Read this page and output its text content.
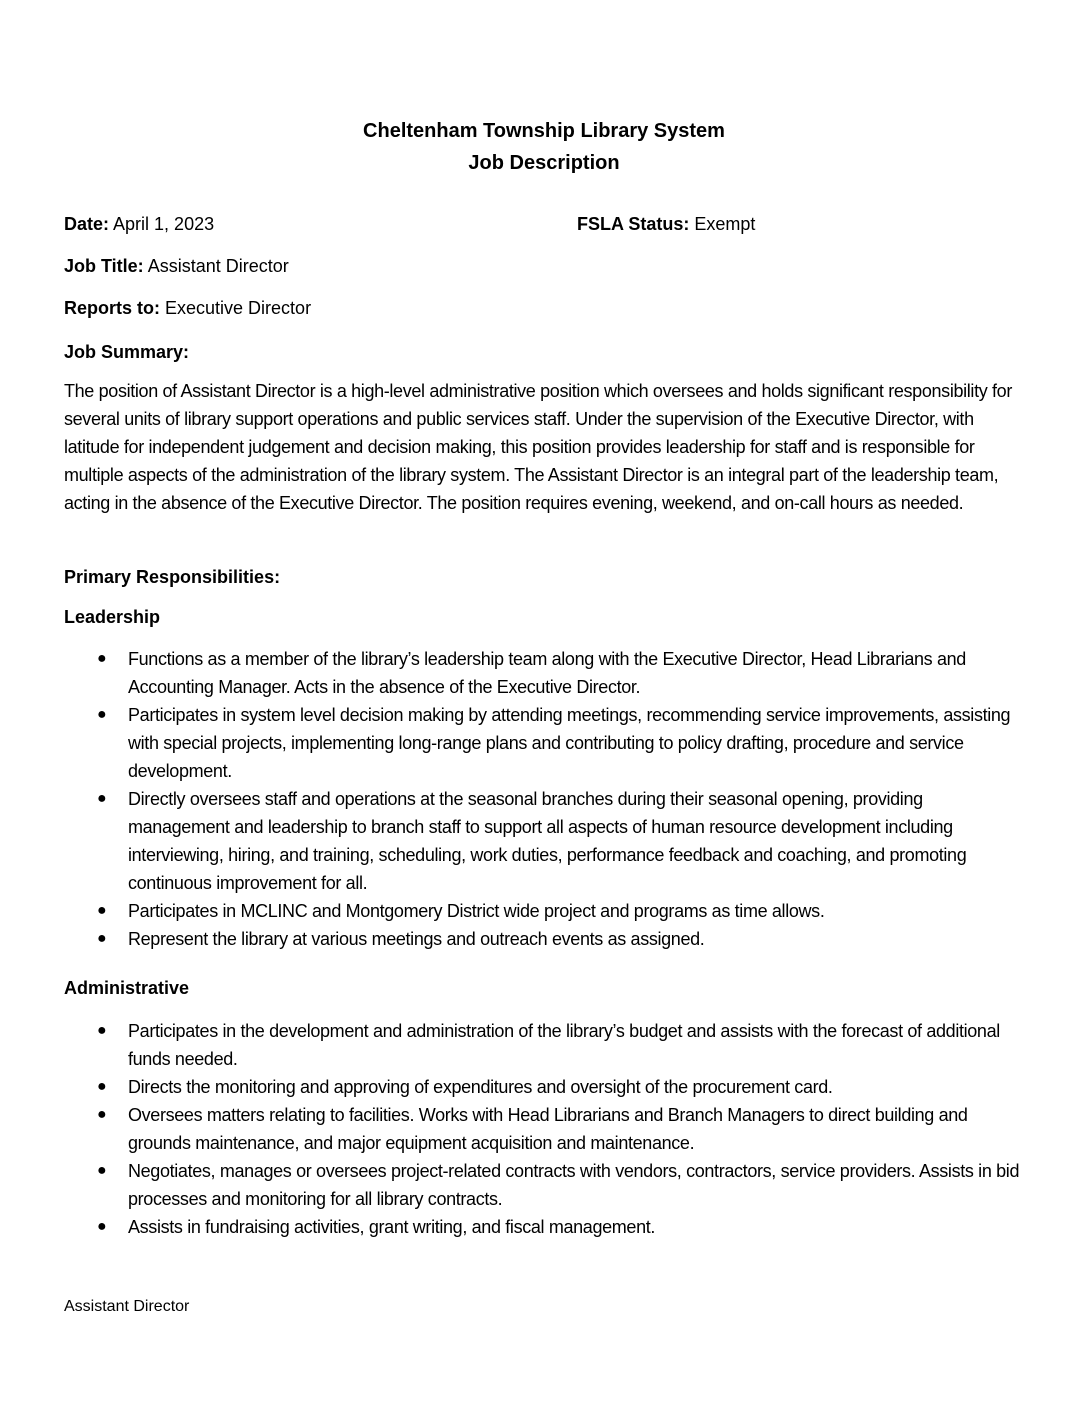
Cheltenham Township Library System
Job Description
Date: April 1, 2023	FSLA Status: Exempt
Job Title: Assistant Director
Reports to: Executive Director
Job Summary:
The position of Assistant Director is a high-level administrative position which oversees and holds significant responsibility for several units of library support operations and public services staff. Under the supervision of the Executive Director, with latitude for independent judgement and decision making, this position provides leadership for staff and is responsible for multiple aspects of the administration of the library system. The Assistant Director is an integral part of the leadership team, acting in the absence of the Executive Director. The position requires evening, weekend, and on-call hours as needed.
Primary Responsibilities:
Leadership
● Functions as a member of the library’s leadership team along with the Executive Director, Head Librarians and Accounting Manager. Acts in the absence of the Executive Director.
● Participates in system level decision making by attending meetings, recommending service improvements, assisting with special projects, implementing long-range plans and contributing to policy drafting, procedure and service development.
● Directly oversees staff and operations at the seasonal branches during their seasonal opening, providing management and leadership to branch staff to support all aspects of human resource development including interviewing, hiring, and training, scheduling, work duties, performance feedback and coaching, and promoting continuous improvement for all.
● Participates in MCLINC and Montgomery District wide project and programs as time allows.
● Represent the library at various meetings and outreach events as assigned.
Administrative
● Participates in the development and administration of the library’s budget and assists with the forecast of additional funds needed.
● Directs the monitoring and approving of expenditures and oversight of the procurement card.
● Oversees matters relating to facilities. Works with Head Librarians and Branch Managers to direct building and grounds maintenance, and major equipment acquisition and maintenance.
● Negotiates, manages or oversees project-related contracts with vendors, contractors, service providers. Assists in bid processes and monitoring for all library contracts.
● Assists in fundraising activities, grant writing, and fiscal management.
Assistant Director
